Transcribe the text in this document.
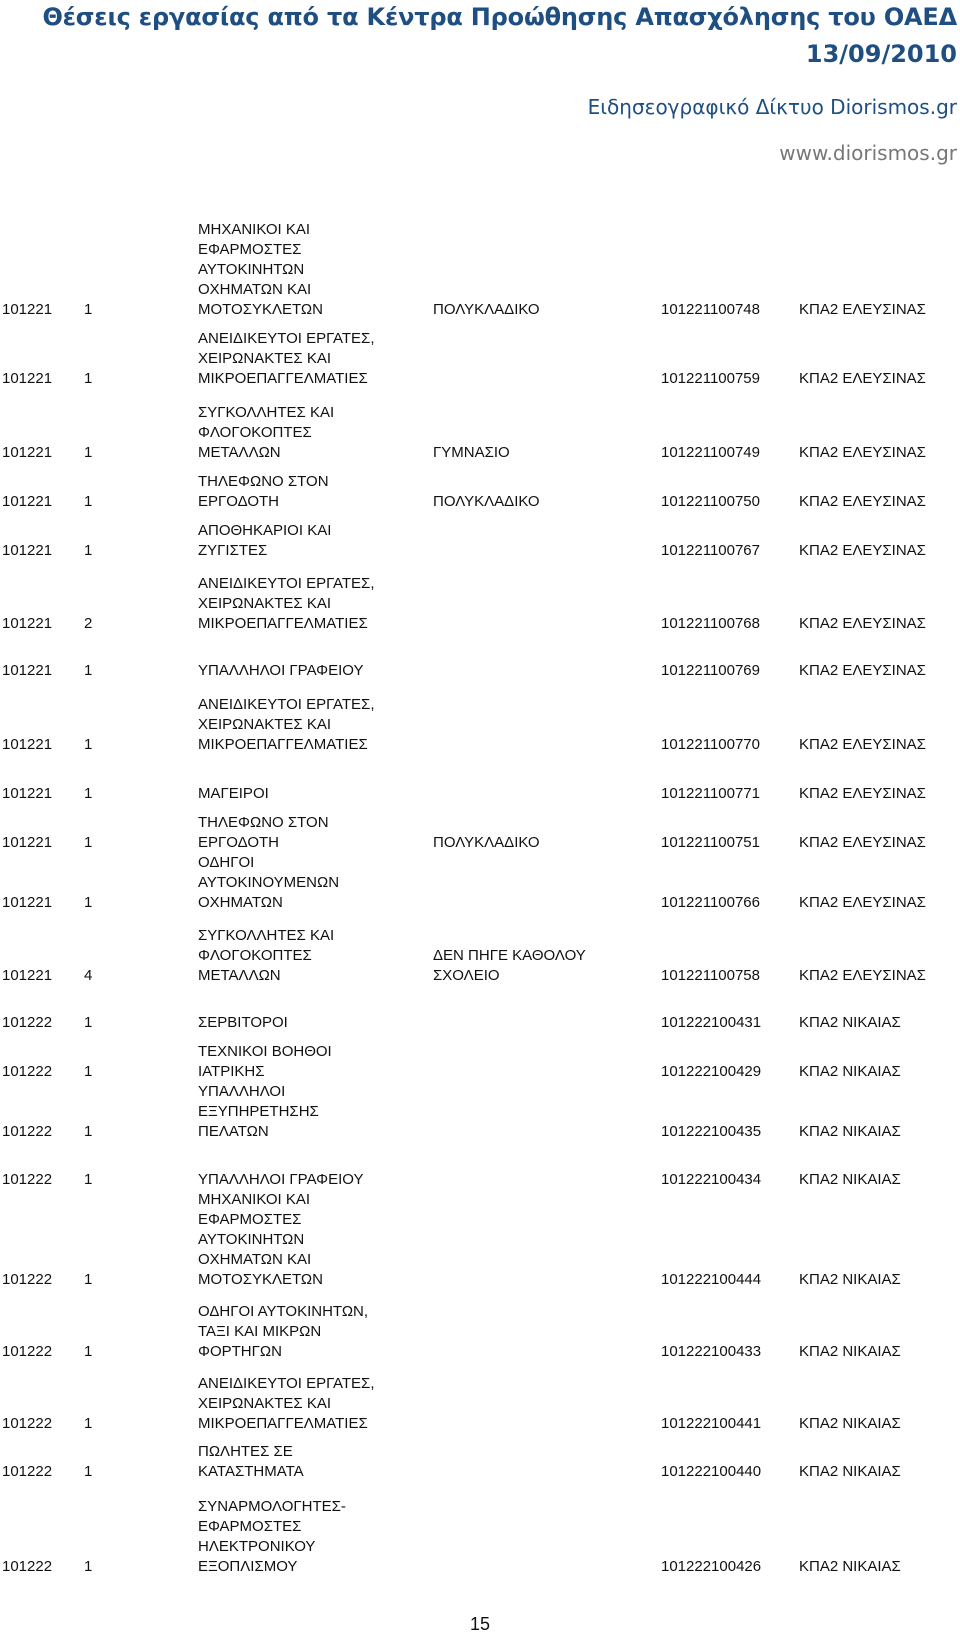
Θέσεις εργασίας από τα Κέντρα Προώθησης Απασχόλησης του ΟΑΕΔ
13/09/2010
Ειδησεογραφικό Δίκτυο Diorismos.gr
www.diorismos.gr
101221 1
ΜΗΧΑΝΙΚΟΙ ΚΑΙ
ΕΦΑΡΜΟΣΤΕΣ
ΑΥΤΟΚΙΝΗΤΩΝ
ΟΧΗΜΑΤΩΝ ΚΑΙ
ΜΟΤΟΣΥΚΛΕΤΩΝ	ΠΟΛΥΚΛΑΔΙΚΟ	101221100748	ΚΠΑ2 ΕΛΕΥΣΙΝΑΣ
101221 1
ΑΝΕΙΔΙΚΕΥΤΟΙ ΕΡΓΑΤΕΣ,
ΧΕΙΡΩΝΑΚΤΕΣ ΚΑΙ
ΜΙΚΡΟΕΠΑΓΓΕΛΜΑΤΙΕΣ	101221100759	ΚΠΑ2 ΕΛΕΥΣΙΝΑΣ
101221 1
ΣΥΓΚΟΛΛΗΤΕΣ ΚΑΙ
ΦΛΟΓΟΚΟΠΤΕΣ
ΜΕΤΑΛΛΩΝ	ΓΥΜΝΑΣΙΟ	101221100749	ΚΠΑ2 ΕΛΕΥΣΙΝΑΣ
101221 1
ΤΗΛΕΦΩΝΟ ΣΤΟΝ
ΕΡΓΟΔΟΤΗ	ΠΟΛΥΚΛΑΔΙΚΟ	101221100750	ΚΠΑ2 ΕΛΕΥΣΙΝΑΣ
101221 1
ΑΠΟΘΗΚΑΡΙΟΙ ΚΑΙ
ΖΥΓΙΣΤΕΣ	101221100767	ΚΠΑ2 ΕΛΕΥΣΙΝΑΣ
101221 2
ΑΝΕΙΔΙΚΕΥΤΟΙ ΕΡΓΑΤΕΣ,
ΧΕΙΡΩΝΑΚΤΕΣ ΚΑΙ
ΜΙΚΡΟΕΠΑΓΓΕΛΜΑΤΙΕΣ	101221100768	ΚΠΑ2 ΕΛΕΥΣΙΝΑΣ
101221 1	ΥΠΑΛΛΗΛΟΙ ΓΡΑΦΕΙΟΥ	101221100769	ΚΠΑ2 ΕΛΕΥΣΙΝΑΣ
101221 1
ΑΝΕΙΔΙΚΕΥΤΟΙ ΕΡΓΑΤΕΣ,
ΧΕΙΡΩΝΑΚΤΕΣ ΚΑΙ
ΜΙΚΡΟΕΠΑΓΓΕΛΜΑΤΙΕΣ	101221100770	ΚΠΑ2 ΕΛΕΥΣΙΝΑΣ
101221 1	ΜΑΓΕΙΡΟΙ	101221100771	ΚΠΑ2 ΕΛΕΥΣΙΝΑΣ
101221 1
ΤΗΛΕΦΩΝΟ ΣΤΟΝ
ΕΡΓΟΔΟΤΗ	ΠΟΛΥΚΛΑΔΙΚΟ	101221100751	ΚΠΑ2 ΕΛΕΥΣΙΝΑΣ
101221 1
ΟΔΗΓΟΙ
ΑΥΤΟΚΙΝΟΥΜΕΝΩΝ
ΟΧΗΜΑΤΩΝ	101221100766	ΚΠΑ2 ΕΛΕΥΣΙΝΑΣ
101221 4
ΣΥΓΚΟΛΛΗΤΕΣ ΚΑΙ
ΦΛΟΓΟΚΟΠΤΕΣ
ΜΕΤΑΛΛΩΝ
ΔΕΝ ΠΗΓΕ ΚΑΘΟΛΟΥ
ΣΧΟΛΕΙΟ	101221100758	ΚΠΑ2 ΕΛΕΥΣΙΝΑΣ
101222 1	ΣΕΡΒΙΤΟΡΟΙ	101222100431	ΚΠΑ2 ΝΙΚΑΙΑΣ
101222 1
ΤΕΧΝΙΚΟΙ ΒΟΗΘΟΙ
ΙΑΤΡΙΚΗΣ	101222100429	ΚΠΑ2 ΝΙΚΑΙΑΣ
101222 1
ΥΠΑΛΛΗΛΟΙ
ΕΞΥΠΗΡΕΤΗΣΗΣ
ΠΕΛΑΤΩΝ	101222100435	ΚΠΑ2 ΝΙΚΑΙΑΣ
101222 1	ΥΠΑΛΛΗΛΟΙ ΓΡΑΦΕΙΟΥ	101222100434	ΚΠΑ2 ΝΙΚΑΙΑΣ
101222 1
ΜΗΧΑΝΙΚΟΙ ΚΑΙ
ΕΦΑΡΜΟΣΤΕΣ
ΑΥΤΟΚΙΝΗΤΩΝ
ΟΧΗΜΑΤΩΝ ΚΑΙ
ΜΟΤΟΣΥΚΛΕΤΩΝ	101222100444	ΚΠΑ2 ΝΙΚΑΙΑΣ
101222 1
ΟΔΗΓΟΙ ΑΥΤΟΚΙΝΗΤΩΝ,
ΤΑΞΙ ΚΑΙ ΜΙΚΡΩΝ
ΦΟΡΤΗΓΩΝ	101222100433	ΚΠΑ2 ΝΙΚΑΙΑΣ
101222 1
ΑΝΕΙΔΙΚΕΥΤΟΙ ΕΡΓΑΤΕΣ,
ΧΕΙΡΩΝΑΚΤΕΣ ΚΑΙ
ΜΙΚΡΟΕΠΑΓΓΕΛΜΑΤΙΕΣ	101222100441	ΚΠΑ2 ΝΙΚΑΙΑΣ
101222 1
ΠΩΛΗΤΕΣ ΣΕ
ΚΑΤΑΣΤΗΜΑΤΑ	101222100440	ΚΠΑ2 ΝΙΚΑΙΑΣ
101222 1
ΣΥΝΑΡΜΟΛΟΓΗΤΕΣ-
ΕΦΑΡΜΟΣΤΕΣ
ΗΛΕΚΤΡΟΝΙΚΟΥ
ΕΞΟΠΛΙΣΜΟΥ	101222100426	ΚΠΑ2 ΝΙΚΑΙΑΣ
15
